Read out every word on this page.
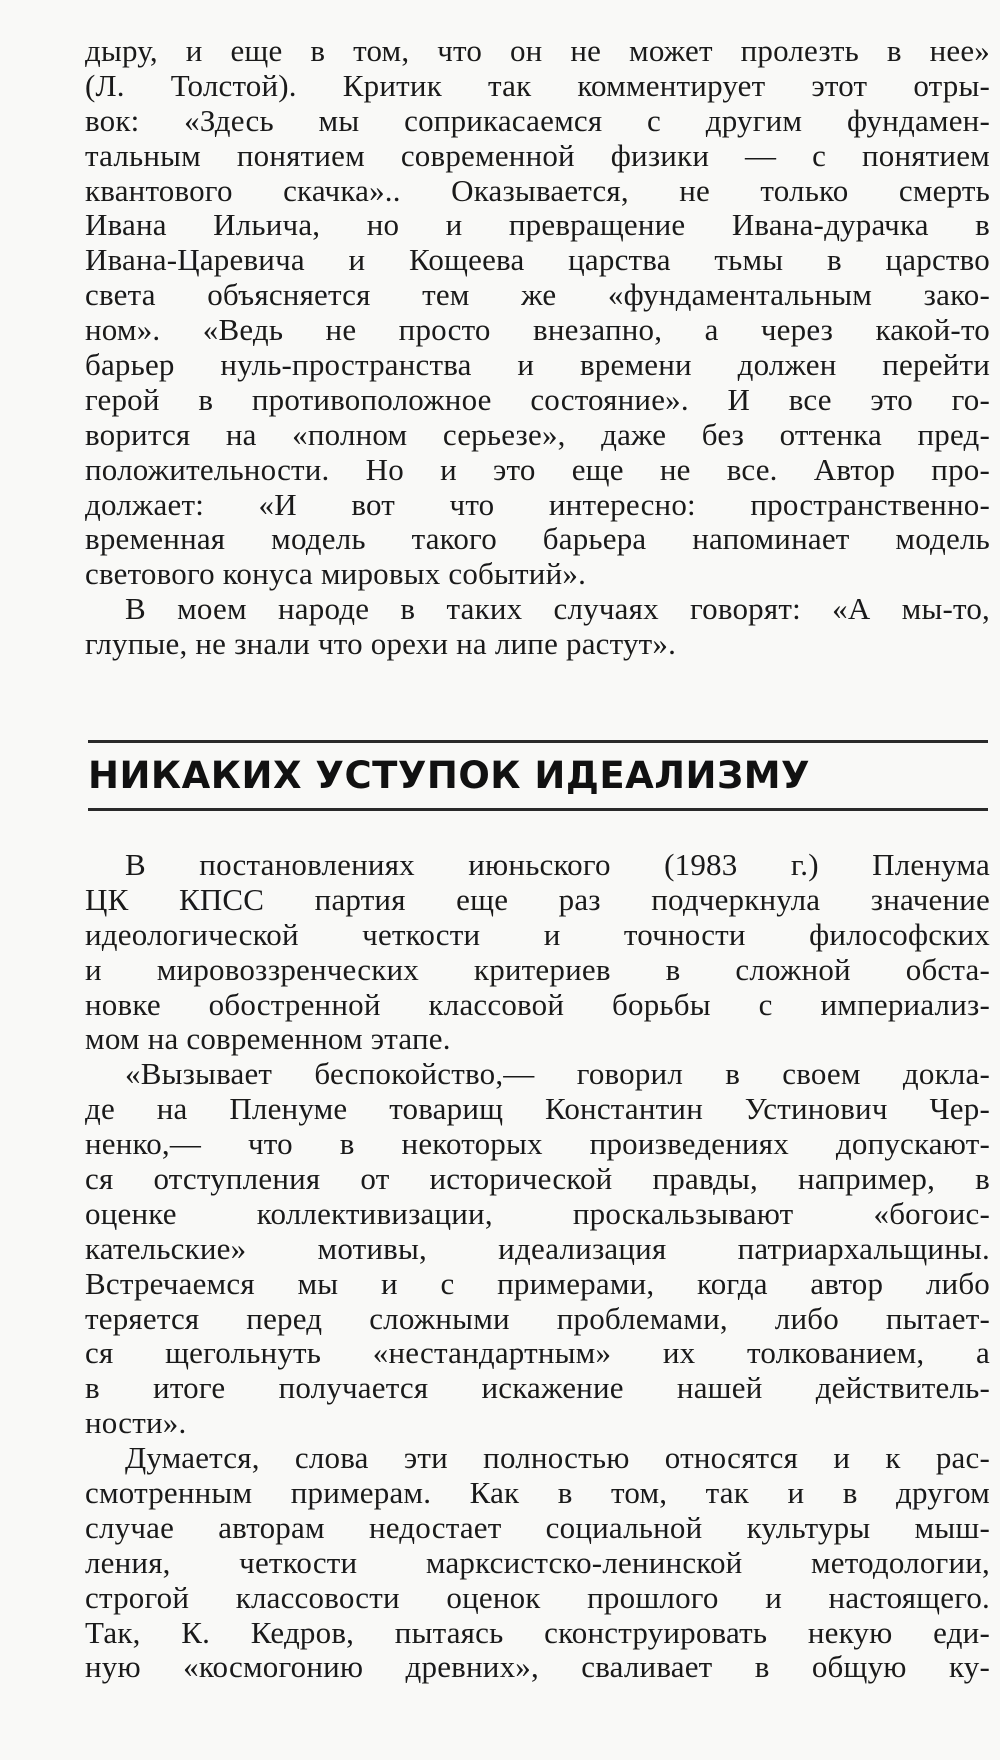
дыру, и еще в том, что он не может пролезть в нее»
(Л. Толстой). Критик так комментирует этот отры-
вок: «Здесь мы соприкасаемся с другим фундамен-
тальным понятием современной физики — с понятием
квантового скачка».. Оказывается, не только смерть
Ивана Ильича, но и превращение Ивана-дурачка в
Ивана-Царевича и Кощеева царства тьмы в царство
света объясняется тем же «фундаментальным зако-
ном». «Ведь не просто внезапно, а через какой-то
барьер нуль-пространства и времени должен перейти
герой в противоположное состояние». И все это го-
ворится на «полном серьезе», даже без оттенка пред-
положительности. Но и это еще не все. Автор про-
должает: «И вот что интересно: пространственно-
временная модель такого барьера напоминает модель
светового конуса мировых событий».
В моем народе в таких случаях говорят: «А мы-то,
глупые, не знали что орехи на липе растут».
НИКАКИХ УСТУПОК ИДЕАЛИЗМУ
В постановлениях июньского (1983 г.) Пленума
ЦК КПСС партия еще раз подчеркнула значение
идеологической четкости и точности философских
и мировоззренческих критериев в сложной обста-
новке обостренной классовой борьбы с империализ-
мом на современном этапе.
«Вызывает беспокойство,— говорил в своем докла-
де на Пленуме товарищ Константин Устинович Чер-
ненко,— что в некоторых произведениях допускают-
ся отступления от исторической правды, например, в
оценке коллективизации, проскальзывают «богоис-
кательские» мотивы, идеализация патриархальщины.
Встречаемся мы и с примерами, когда автор либо
теряется перед сложными проблемами, либо пытает-
ся щегольнуть «нестандартным» их толкованием, а
в итоге получается искажение нашей действитель-
ности».
Думается, слова эти полностью относятся и к рас-
смотренным примерам. Как в том, так и в другом
случае авторам недостает социальной культуры мыш-
ления, четкости марксистско-ленинской методологии,
строгой классовости оценок прошлого и настоящего.
Так, К. Кедров, пытаясь сконструировать некую еди-
ную «космогонию древних», сваливает в общую ку-
